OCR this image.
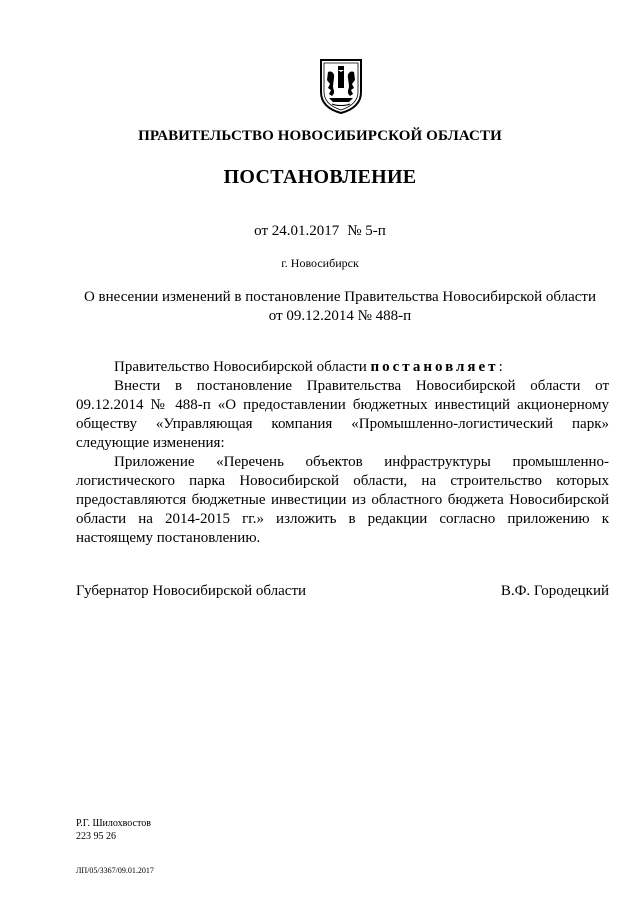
ПРАВИТЕЛЬСТВО НОВОСИБИРСКОЙ ОБЛАСТИ
ПОСТАНОВЛЕНИЕ
от 24.01.2017 № 5-п
г. Новосибирск
О внесении изменений в постановление Правительства Новосибирской области
от 09.12.2014 № 488-п

Правительство Новосибирской области постановляет:

Внести в постановление Правительства Новосибирской области от 09.12.2014 № 488-п «О предоставлении бюджетных инвестиций акционерному обществу «Управляющая компания «Промышленно-логистический парк» следующие изменения:

Приложение «Перечень объектов инфраструктуры промышленно-логистического парка Новосибирской области, на строительство которых предоставляются бюджетные инвестиции из областного бюджета Новосибирской области на 2014-2015 гг.» изложить в редакции согласно приложению к настоящему постановлению.

Губернатор Новосибирской области	В.Ф. Городецкий
Р.Г. Шилохвостов
223 95 26
ЛП/05/3367/09.01.2017
